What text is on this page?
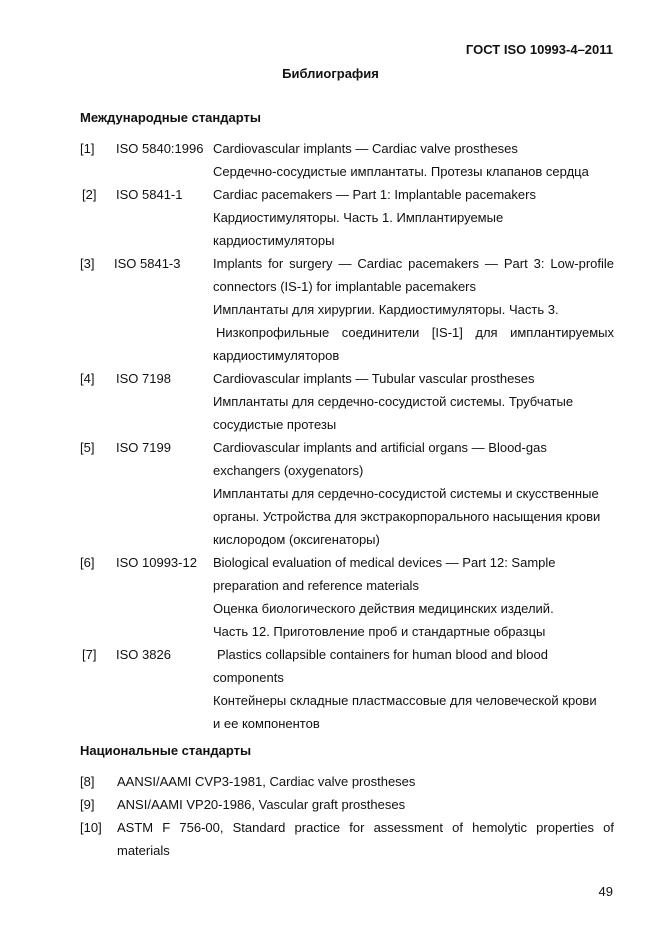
ГОСТ ISO 10993-4–2011
Библиография
Международные стандарты
[1] ISO 5840:1996 Cardiovascular implants — Cardiac valve prostheses
Сердечно-сосудистые имплантаты. Протезы клапанов сердца
[2] ISO 5841-1 Cardiac pacemakers — Part 1: Implantable pacemakers
Кардиостимуляторы. Часть 1. Имплантируемые
кардиостимуляторы
[3] ISO 5841-3	Implants for surgery — Cardiac pacemakers — Part 3: Low-profile
connectors (IS-1) for implantable pacemakers
Имплантаты для хирургии. Кардиостимуляторы. Часть 3.
Низкопрофильные соединители [IS-1] для имплантируемых
кардиостимуляторов
[4] ISO 7198	Cardiovascular implants — Tubular vascular prostheses
Имплантаты для сердечно-сосудистой системы. Трубчатые
сосудистые протезы
[5] ISO 7199	Cardiovascular implants and artificial organs — Blood-gas
exchangers (oxygenators)
Имплантаты для сердечно-сосудистой системы и скусственные
органы. Устройства для экстракорпорального насыщения крови
кислородом (оксигенаторы)
[6] ISO 10993-12 Biological evaluation of medical devices — Part 12: Sample
preparation and reference materials
Оценка биологического действия медицинских изделий.
Часть 12. Приготовление проб и стандартные образцы
[7] ISO 3826	Plastics collapsible containers for human blood and blood
components
Контейнеры складные пластмассовые для человеческой крови
и ее компонентов
Национальные стандарты
[8] AANSI/AAMI CVP3-1981, Cardiac valve prostheses
[9] ANSI/AAMI VP20-1986, Vascular graft prostheses
[10] ASTM F 756-00, Standard practice for assessment of hemolytic properties of
materials
49
